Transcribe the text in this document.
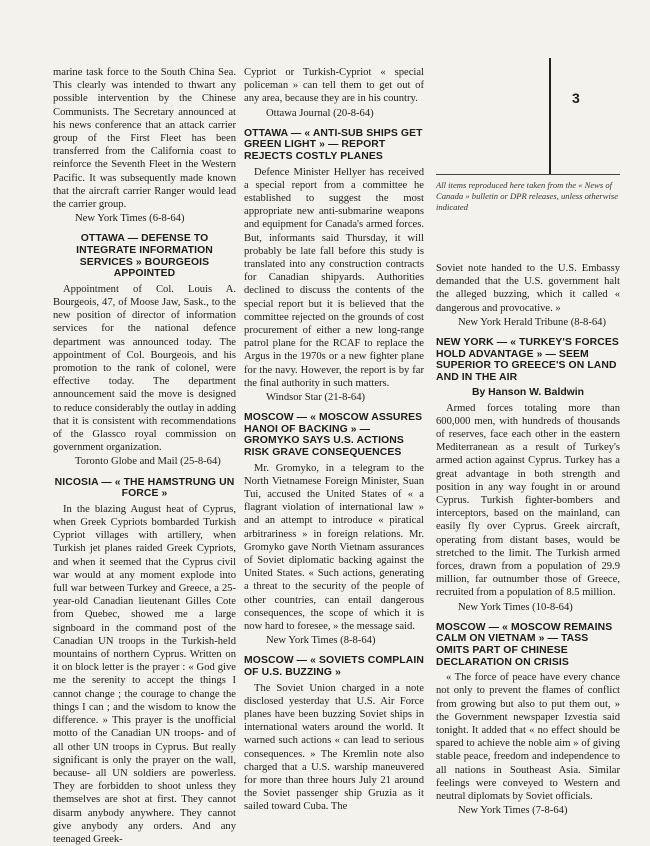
3
All items reproduced here taken from the « News of Canada » bulletin or DPR releases, unless otherwise indicated

marine task force to the South China Sea. This clearly was intended to thwart any possible intervention by the Chinese Communists. The Secretary announced at his news conference that an attack carrier group of the First Fleet has been transferred from the California coast to reinforce the Seventh Fleet in the Western Pacific. It was subsequently made known that the aircraft carrier Ranger would lead the carrier group.

New York Times (6-8-64)

OTTAWA — DEFENSE TO INTEGRATE INFORMATION SERVICES » BOURGEOIS APPOINTED

Appointment of Col. Louis A. Bourgeois, 47, of Moose Jaw, Sask., to the new position of director of information services for the national defence department was announced today. The appointment of Col. Bourgeois, and his promotion to the rank of colonel, were effective today. The department announcement said the move is designed to reduce considerably the outlay in adding that it is consistent with recommendations of the Glassco royal commission on government organization.

Toronto Globe and Mail (25-8-64)

NICOSIA — « THE HAMSTRUNG UN FORCE »

In the blazing August heat of Cyprus, when Greek Cypriots bombarded Turkish Cypriot villages with artillery, when Turkish jet planes raided Greek Cypriots, and when it seemed that the Cyprus civil war would at any moment explode into full war between Turkey and Greece, a 25-year-old Canadian lieutenant Gilles Cote from Quebec, showed me a large signboard in the command post of the Canadian UN troops in the Turkish-held mountains of northern Cyprus. Written on it on block letter is the prayer : « God give me the serenity to accept the things I cannot change ; the courage to change the things I can ; and the wisdom to know the difference. » This prayer is the unofficial motto of the Canadian UN troops- and of all other UN troops in Cyprus. But really significant is only the prayer on the wall, because- all UN soldiers are powerless. They are forbidden to shoot unless they themselves are shot at first. They cannot disarm anybody anywhere. They cannot give anybody any orders. And any teenaged Greek-

Cypriot or Turkish-Cypriot « special policeman » can tell them to get out of any area, because they are in his country.

Ottawa Journal (20-8-64)

OTTAWA — « ANTI-SUB SHIPS GET GREEN LIGHT » — REPORT REJECTS COSTLY PLANES

Defence Minister Hellyer has received a special report from a committee he established to suggest the most appropriate new anti-submarine weapons and equipment for Canada's armed forces. But, informants said Thursday, it will probably be late fall before this study is translated into any construction contracts for Canadian shipyards. Authorities declined to discuss the contents of the special report but it is believed that the committee rejected on the grounds of cost procurement of either a new long-range patrol plane for the RCAF to replace the Argus in the 1970s or a new fighter plane for the navy. However, the report is by far the final authority in such matters.

Windsor Star (21-8-64)

MOSCOW — « MOSCOW ASSURES HANOI OF BACKING » — GROMYKO SAYS U.S. ACTIONS RISK GRAVE CONSEQUENCES

Mr. Gromyko, in a telegram to the North Vietnamese Foreign Minister, Suan Tui, accused the United States of « a flagrant violation of international law » and an attempt to introduce « piratical arbitrariness » in foreign relations. Mr. Gromyko gave North Vietnam assurances of Soviet diplomatic backing against the United States. « Such actions, generating a threat to the security of the people of other countries, can entail dangerous consequences, the scope of which it is now hard to foresee, » the message said.

New York Times (8-8-64)

MOSCOW — « SOVIETS COMPLAIN OF U.S. BUZZING »

The Soviet Union charged in a note disclosed yesterday that U.S. Air Force planes have been buzzing Soviet ships in international waters around the world. It warned such actions « can lead to serious consequences. » The Kremlin note also charged that a U.S. warship maneuvered for more than three hours July 21 around the Soviet passenger ship Gruzia as it sailed toward Cuba. The

Soviet note handed to the U.S. Embassy demanded that the U.S. government halt the alleged buzzing, which it called « dangerous and provocative. »

New York Herald Tribune (8-8-64)

NEW YORK — « TURKEY'S FORCES HOLD ADVANTAGE » — SEEM SUPERIOR TO GREECE'S ON LAND AND IN THE AIR
By Hanson W. Baldwin

Armed forces totaling more than 600,000 men, with hundreds of thousands of reserves, face each other in the eastern Mediterranean as a result of Turkey's armed action against Cyprus. Turkey has a great advantage in both strength and position in any way fought in or around Cyprus. Turkish fighter-bombers and interceptors, based on the mainland, can easily fly over Cyprus. Greek aircraft, operating from distant bases, would be stretched to the limit. The Turkish armed forces, drawn from a population of 29.9 million, far outnumber those of Greece, recruited from a population of 8.5 million.

New York Times (10-8-64)

MOSCOW — « MOSCOW REMAINS CALM ON VIETNAM » — TASS OMITS PART OF CHINESE DECLARATION ON CRISIS

« The force of peace have every chance not only to prevent the flames of conflict from growing but also to put them out, » the Government newspaper Izvestia said tonight. It added that « no effect should be spared to achieve the noble aim » of giving stable peace, freedom and independence to all nations in Southeast Asia. Similar feelings were conveyed to Western and neutral diplomats by Soviet officials.

New York Times (7-8-64)
